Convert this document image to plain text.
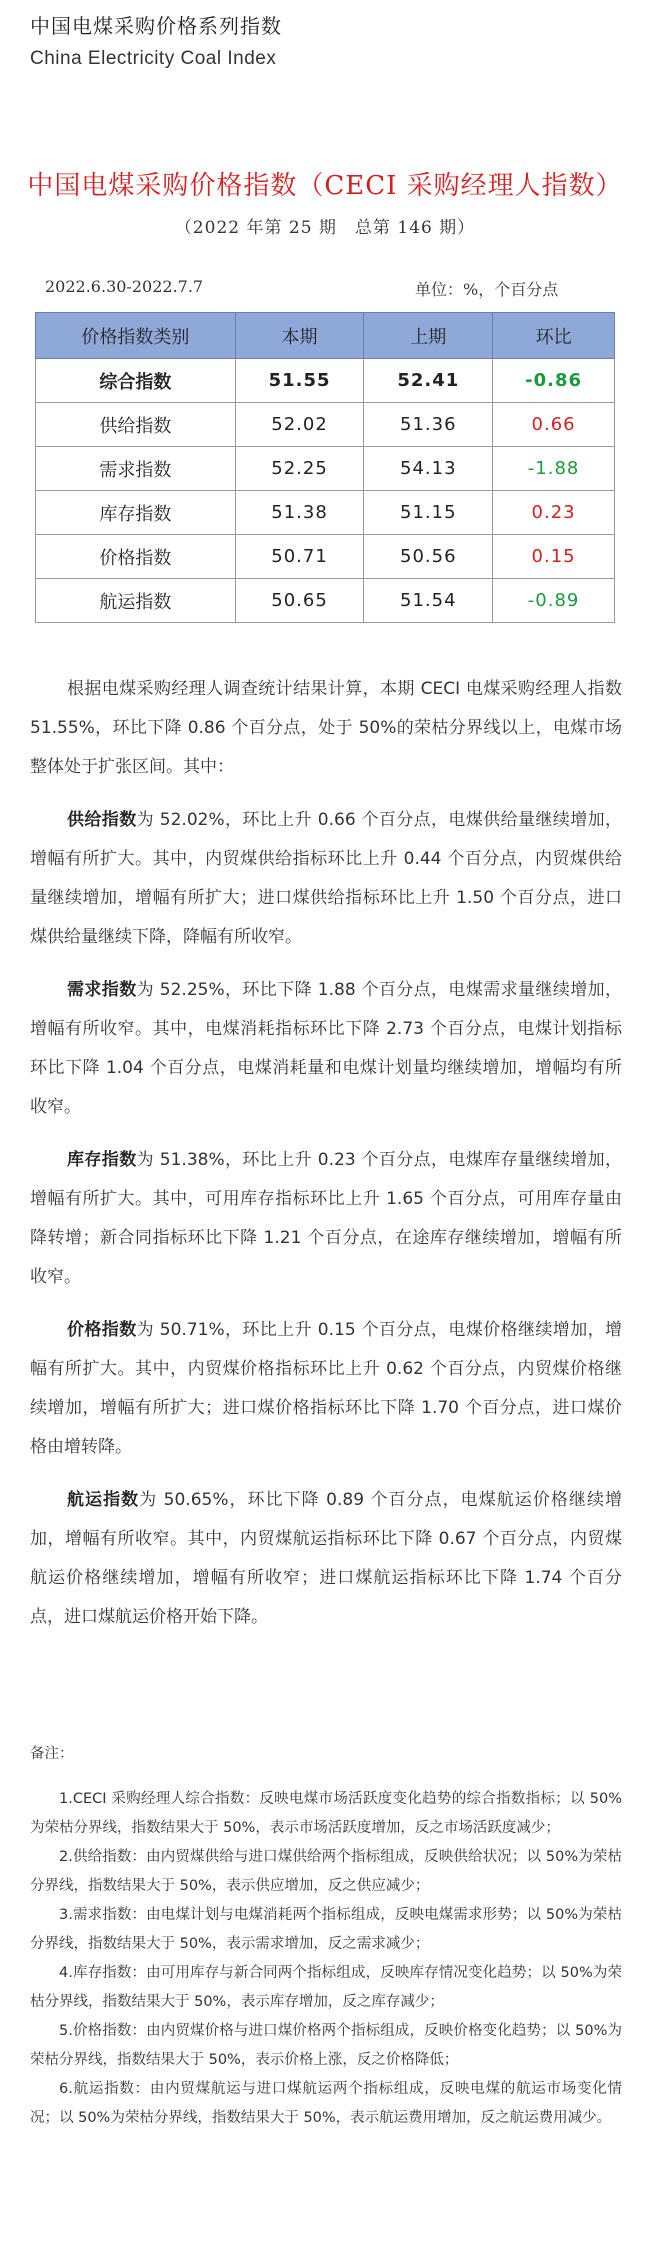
中国电煤采购价格系列指数
China Electricity Coal Index
中国电煤采购价格指数（CECI 采购经理人指数）
（2022 年第 25 期　总第 146 期）
2022.6.30-2022.7.7	单位：%，个百分点
价格指数类别	本期	上期	环比
综合指数	51.55	52.41	-0.86
供给指数	52.02	51.36	0.66
需求指数	52.25	54.13	-1.88
库存指数	51.38	51.15	0.23
价格指数	50.71	50.56	0.15
航运指数	50.65	51.54	-0.89

根据电煤采购经理人调查统计结果计算，本期 CECI 电煤采购经理人指数 51.55%，环比下降 0.86 个百分点，处于 50%的荣枯分界线以上，电煤市场整体处于扩张区间。其中：

供给指数为 52.02%，环比上升 0.66 个百分点，电煤供给量继续增加，增幅有所扩大。其中，内贸煤供给指标环比上升 0.44 个百分点，内贸煤供给量继续增加，增幅有所扩大；进口煤供给指标环比上升 1.50 个百分点，进口煤供给量继续下降，降幅有所收窄。

需求指数为 52.25%，环比下降 1.88 个百分点，电煤需求量继续增加，增幅有所收窄。其中，电煤消耗指标环比下降 2.73 个百分点，电煤计划指标环比下降 1.04 个百分点，电煤消耗量和电煤计划量均继续增加，增幅均有所收窄。

库存指数为 51.38%，环比上升 0.23 个百分点，电煤库存量继续增加，增幅有所扩大。其中，可用库存指标环比上升 1.65 个百分点，可用库存量由降转增；新合同指标环比下降 1.21 个百分点，在途库存继续增加，增幅有所收窄。

价格指数为 50.71%，环比上升 0.15 个百分点，电煤价格继续增加，增幅有所扩大。其中，内贸煤价格指标环比上升 0.62 个百分点，内贸煤价格继续增加，增幅有所扩大；进口煤价格指标环比下降 1.70 个百分点，进口煤价格由增转降。

航运指数为 50.65%，环比下降 0.89 个百分点，电煤航运价格继续增加，增幅有所收窄。其中，内贸煤航运指标环比下降 0.67 个百分点，内贸煤航运价格继续增加，增幅有所收窄；进口煤航运指标环比下降 1.74 个百分点，进口煤航运价格开始下降。

备注：

1.CECI 采购经理人综合指数：反映电煤市场活跃度变化趋势的综合指数指标；以 50%为荣枯分界线，指数结果大于 50%，表示市场活跃度增加，反之市场活跃度减少；

2.供给指数：由内贸煤供给与进口煤供给两个指标组成，反映供给状况；以 50%为荣枯分界线，指数结果大于 50%，表示供应增加，反之供应减少；

3.需求指数：由电煤计划与电煤消耗两个指标组成，反映电煤需求形势；以 50%为荣枯分界线，指数结果大于 50%，表示需求增加，反之需求减少；

4.库存指数：由可用库存与新合同两个指标组成，反映库存情况变化趋势；以 50%为荣枯分界线，指数结果大于 50%，表示库存增加，反之库存减少；

5.价格指数：由内贸煤价格与进口煤价格两个指标组成，反映价格变化趋势；以 50%为荣枯分界线，指数结果大于 50%，表示价格上涨，反之价格降低；

6.航运指数：由内贸煤航运与进口煤航运两个指标组成，反映电煤的航运市场变化情况；以 50%为荣枯分界线，指数结果大于 50%，表示航运费用增加，反之航运费用减少。
